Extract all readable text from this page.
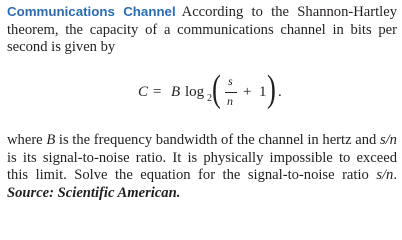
Communications Channel According to the Shannon-Hartley theorem, the capacity of a communications channel in bits per second is given by
C = B log 2 ( s
n
+ 1 ) .
where B is the frequency bandwidth of the channel in hertz and s/n is its signal-to-noise ratio. It is physically impossible to exceed this limit. Solve the equation for the signal-to-noise ratio s/n. Source: Scientific American.
